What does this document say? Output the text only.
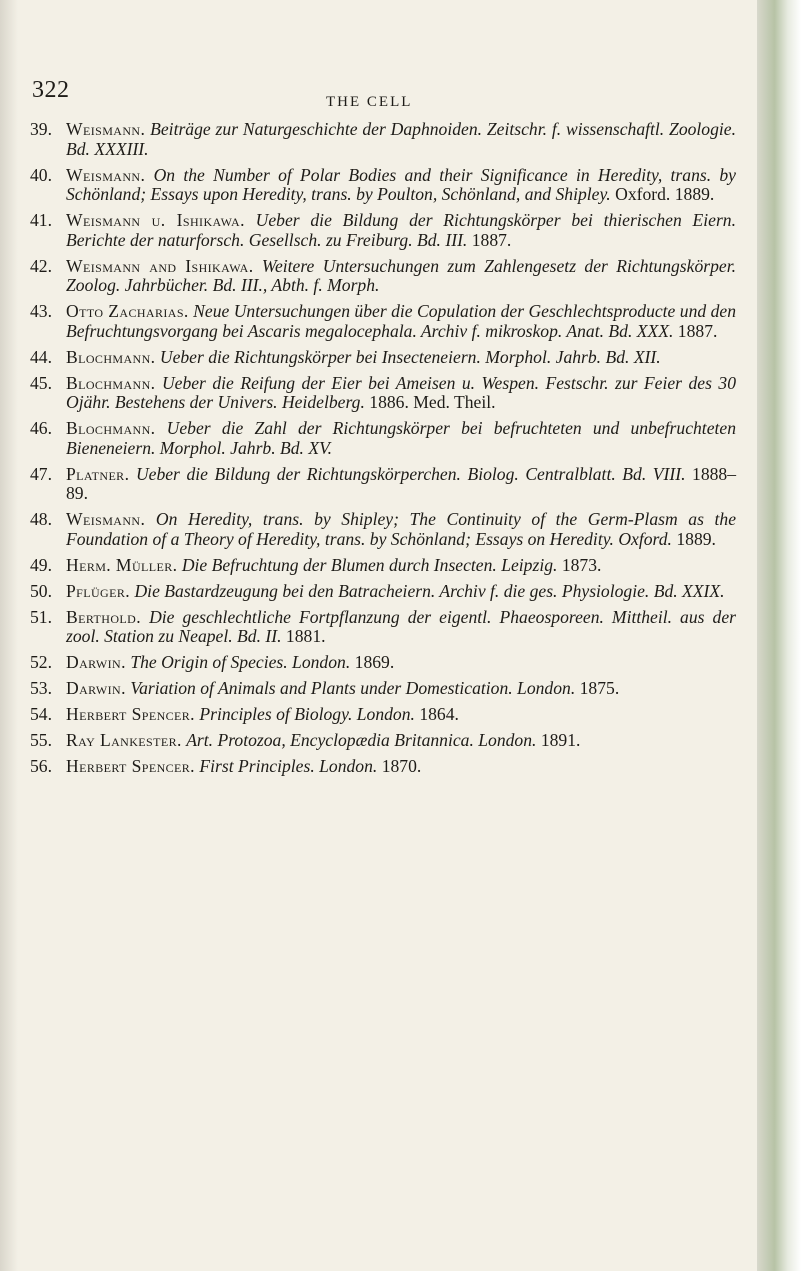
322	THE CELL
39. Weismann. Beiträge zur Naturgeschichte der Daphnoiden. Zeitschr. f. wissenschaftl. Zoologie. Bd. XXXIII.
40. Weismann. On the Number of Polar Bodies and their Significance in Heredity, trans. by Schönland; Essays upon Heredity, trans. by Poulton, Schönland, and Shipley. Oxford. 1889.
41. Weismann u. Ishikawa. Ueber die Bildung der Richtungskörper bei thierischen Eiern. Berichte der naturforsch. Gesellsch. zu Freiburg. Bd. III. 1887.
42. Weismann and Ishikawa. Weitere Untersuchungen zum Zahlengesetz der Richtungskörper. Zoolog. Jahrbücher. Bd. III., Abth. f. Morph.
43. Otto Zacharias. Neue Untersuchungen über die Copulation der Geschlechtsproducte und den Befruchtungsvorgang bei Ascaris megalocephala. Archiv f. mikroskop. Anat. Bd. XXX. 1887.
44. Blochmann. Ueber die Richtungskörper bei Insecteneiern. Morphol. Jahrb. Bd. XII.
45. Blochmann. Ueber die Reifung der Eier bei Ameisen u. Wespen. Festschr. zur Feier des 30 Ojähr. Bestehens der Univers. Heidelberg. 1886. Med. Theil.
46. Blochmann. Ueber die Zahl der Richtungskörper bei befruchteten und unbefruchteten Bieneneiern. Morphol. Jahrb. Bd. XV.
47. Platner. Ueber die Bildung der Richtungskörperchen. Biolog. Centralblatt. Bd. VIII. 1888–89.
48. Weismann. On Heredity, trans. by Shipley; The Continuity of the Germ-Plasm as the Foundation of a Theory of Heredity, trans. by Schönland; Essays on Heredity. Oxford. 1889.
49. Herm. Müller. Die Befruchtung der Blumen durch Insecten. Leipzig. 1873.
50. Pflüger. Die Bastardzeugung bei den Batracheiern. Archiv f. die ges. Physiologie. Bd. XXIX.
51. Berthold. Die geschlechtliche Fortpflanzung der eigentl. Phaeosporeen. Mittheil. aus der zool. Station zu Neapel. Bd. II. 1881.
52. Darwin. The Origin of Species. London. 1869.
53. Darwin. Variation of Animals and Plants under Domestication. London. 1875.
54. Herbert Spencer. Principles of Biology. London. 1864.
55. Ray Lankester. Art. Protozoa, Encyclopædia Britannica. London. 1891.
56. Herbert Spencer. First Principles. London. 1870.
